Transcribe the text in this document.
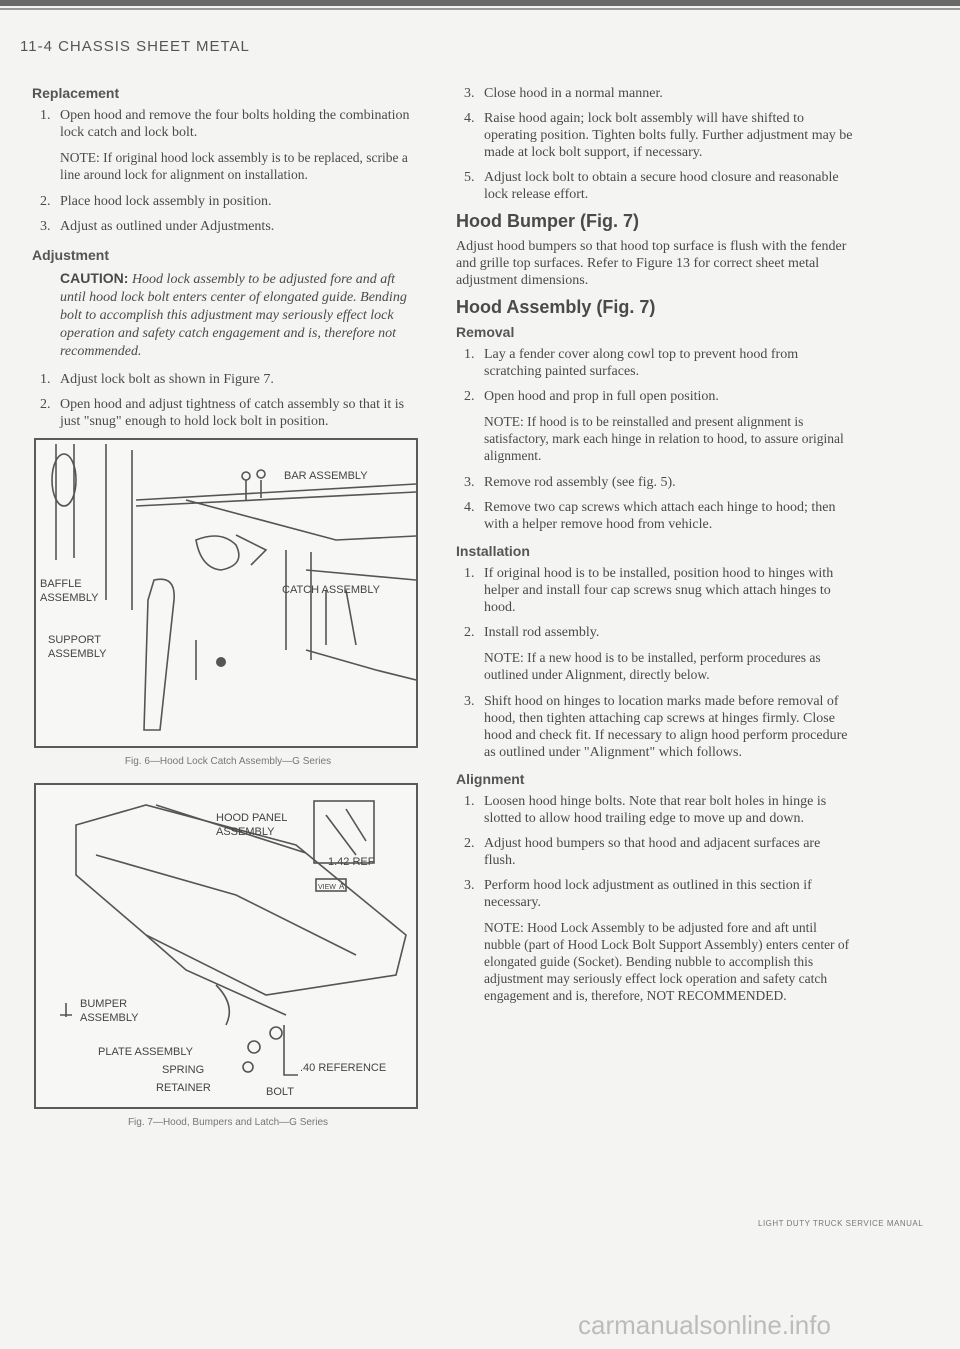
11-4 CHASSIS SHEET METAL
Replacement
1. Open hood and remove the four bolts holding the combination lock catch and lock bolt.
NOTE: If original hood lock assembly is to be replaced, scribe a line around lock for alignment on installation.
2. Place hood lock assembly in position.
3. Adjust as outlined under Adjustments.
Adjustment
CAUTION: Hood lock assembly to be adjusted fore and aft until hood lock bolt enters center of elongated guide. Bending bolt to accomplish this adjustment may seriously effect lock operation and safety catch engagement and is, therefore not recommended.
1. Adjust lock bolt as shown in Figure 7.
2. Open hood and adjust tightness of catch assembly so that it is just "snug" enough to hold lock bolt in position.
BAR ASSEMBLY
BAFFLE
ASSEMBLY
CATCH ASSEMBLY
SUPPORT
ASSEMBLY
Fig. 6—Hood Lock Catch Assembly—G Series
HOOD PANEL
ASSEMBLY
1.42 REF
VIEW A
BUMPER
ASSEMBLY
PLATE ASSEMBLY
SPRING
RETAINER
.40 REFERENCE
BOLT
Fig. 7—Hood, Bumpers and Latch—G Series
3. Close hood in a normal manner.
4. Raise hood again; lock bolt assembly will have shifted to operating position. Tighten bolts fully. Further adjustment may be made at lock bolt support, if necessary.
5. Adjust lock bolt to obtain a secure hood closure and reasonable lock release effort.
Hood Bumper (Fig. 7)
Adjust hood bumpers so that hood top surface is flush with the fender and grille top surfaces. Refer to Figure 13 for correct sheet metal adjustment dimensions.
Hood Assembly (Fig. 7)
Removal
1. Lay a fender cover along cowl top to prevent hood from scratching painted surfaces.
2. Open hood and prop in full open position.
NOTE: If hood is to be reinstalled and present alignment is satisfactory, mark each hinge in relation to hood, to assure original alignment.
3. Remove rod assembly (see fig. 5).
4. Remove two cap screws which attach each hinge to hood; then with a helper remove hood from vehicle.
Installation
1. If original hood is to be installed, position hood to hinges with helper and install four cap screws snug which attach hinges to hood.
2. Install rod assembly.
NOTE: If a new hood is to be installed, perform procedures as outlined under Alignment, directly below.
3. Shift hood on hinges to location marks made before removal of hood, then tighten attaching cap screws at hinges firmly. Close hood and check fit. If necessary to align hood perform procedure as outlined under "Alignment" which follows.
Alignment
1. Loosen hood hinge bolts. Note that rear bolt holes in hinge is slotted to allow hood trailing edge to move up and down.
2. Adjust hood bumpers so that hood and adjacent surfaces are flush.
3. Perform hood lock adjustment as outlined in this section if necessary.
NOTE: Hood Lock Assembly to be adjusted fore and aft until nubble (part of Hood Lock Bolt Support Assembly) enters center of elongated guide (Socket). Bending nubble to accomplish this adjustment may seriously effect lock operation and safety catch engagement and is, therefore, NOT RECOMMENDED.
LIGHT DUTY TRUCK SERVICE MANUAL
carmanualsonline.info
